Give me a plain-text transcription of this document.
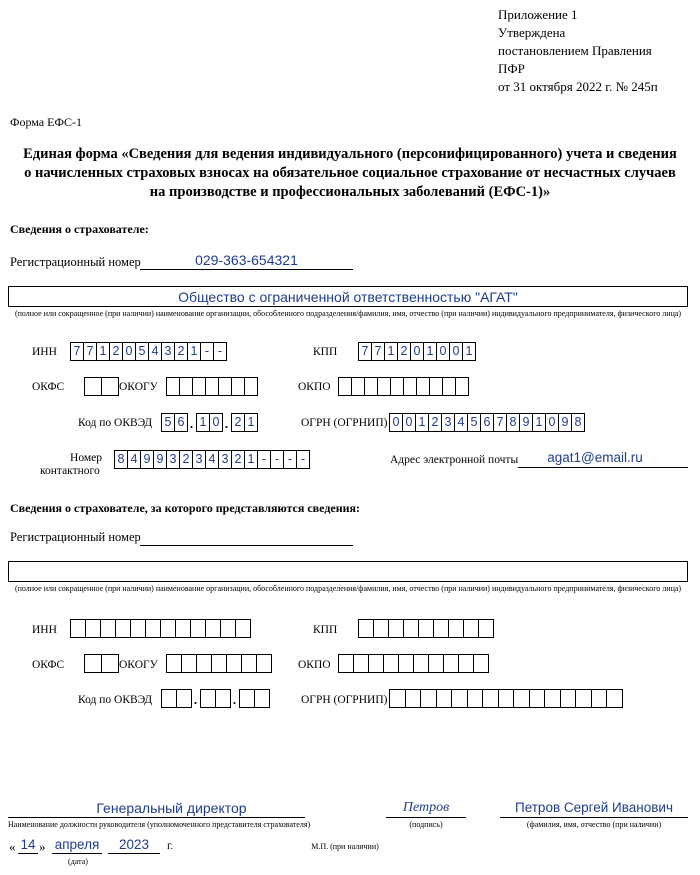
Приложение 1
Утверждена
постановлением Правления
ПФР
от 31 октября 2022 г. № 245п
Форма ЕФС-1
Единая форма «Сведения для ведения индивидуального (персонифицированного) учета и сведения о начисленных страховых взносах на обязательное социальное страхование от несчастных случаев на производстве и профессиональных заболеваний (ЕФС-1)»
Сведения о страхователе:
Регистрационный номер	029-363-654321
Общество с ограниченной ответственностью "АГАТ"
(полное или сокращенное (при наличии) наименование организации, обособленного подразделения/фамилия, имя, отчество (при наличии) индивидуального предпринимателя, физического лица)
ИНН 7 7 1 2 0 5 4 3 2 1 - -	КПП 7 7 1 2 0 1 0 0 1
ОКФС	ОКОГУ	ОКПО
Код по ОКВЭД 5 6 . 1 0 . 2 1	ОГРН (ОГРНИП) 0 0 1 2 3 4 5 6 7 8 9 1 0 9 8
Номер
контактного
8 4 9 9 3 2 3 4 3 2 1 - - - -	Адрес электронной почты	agat1@email.ru
Сведения о страхователе, за которого представляются сведения:
Регистрационный номер
(полное или сокращенное (при наличии) наименование организации, обособленного подразделения/фамилия, имя, отчество (при наличии) индивидуального предпринимателя, физического лица)
ИНН	КПП
ОКФС	ОКОГУ	ОКПО
Код по ОКВЭД	.	.	ОГРН (ОГРНИП)
Генеральный директор
Наименование должности руководителя (уполномоченного представителя страхователя)
Петров
(подпись)
Петров Сергей Иванович
(фамилия, имя, отчество (при наличии)
« 14 » апреля	2023	г.
(дата)
М.П. (при наличии)
